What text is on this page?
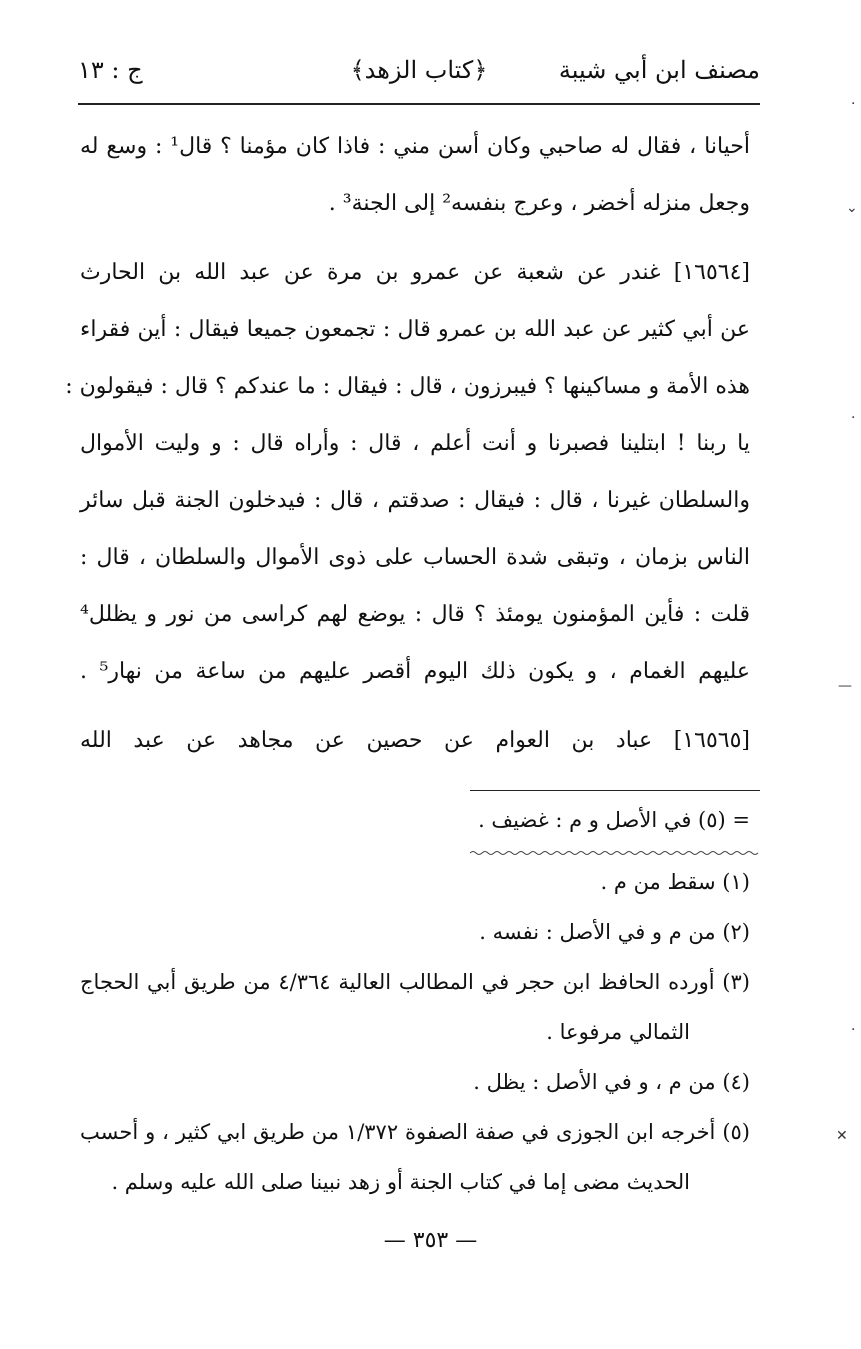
مصنف ابن أبي شيبة
﴿كتاب الزهد﴾
ج : ١٣
أحيانا ، فقال له صاحبي وكان أسن مني : فاذا كان مؤمنا ؟ قال¹ : وسع له
وجعل منزله أخضر ، وعرج بنفسه² إلى الجنة³ .
[١٦٥٦٤] غندر عن شعبة عن عمرو بن مرة عن عبد الله بن الحارث
عن أبي كثير عن عبد الله بن عمرو قال : تجمعون جميعا فيقال : أين فقراء
هذه الأمة و مساكينها ؟ فيبرزون ، قال : فيقال : ما عندكم ؟ قال : فيقولون :
يا ربنا ! ابتلينا فصبرنا و أنت أعلم ، قال : وأراه قال : و وليت الأموال
والسلطان غيرنا ، قال : فيقال : صدقتم ، قال : فيدخلون الجنة قبل سائر
الناس بزمان ، وتبقى شدة الحساب على ذوى الأموال والسلطان ، قال :
قلت : فأين المؤمنون يومئذ ؟ قال : يوضع لهم كراسى من نور و يظلل⁴
عليهم الغمام ، و يكون ذلك اليوم أقصر عليهم من ساعة من نهار⁵ .
[١٦٥٦٥] عباد بن العوام عن حصين عن مجاهد عن عبد الله
= (٥) في الأصل و م : غضيف .
(١) سقط من م .
(٢) من م و في الأصل : نفسه .
(٣) أورده الحافظ ابن حجر في المطالب العالية ٤/٣٦٤ من طريق أبي الحجاج
الثمالي مرفوعا .
(٤) من م ، و في الأصل : يظل .
(٥) أخرجه ابن الجوزى في صفة الصفوة ١/٣٧٢ من طريق ابي كثير ، و أحسب
الحديث مضى إما في كتاب الجنة أو زهد نبينا صلى الله عليه وسلم .
— ٣٥٣ —
·
⌄
·
—
·
✕
